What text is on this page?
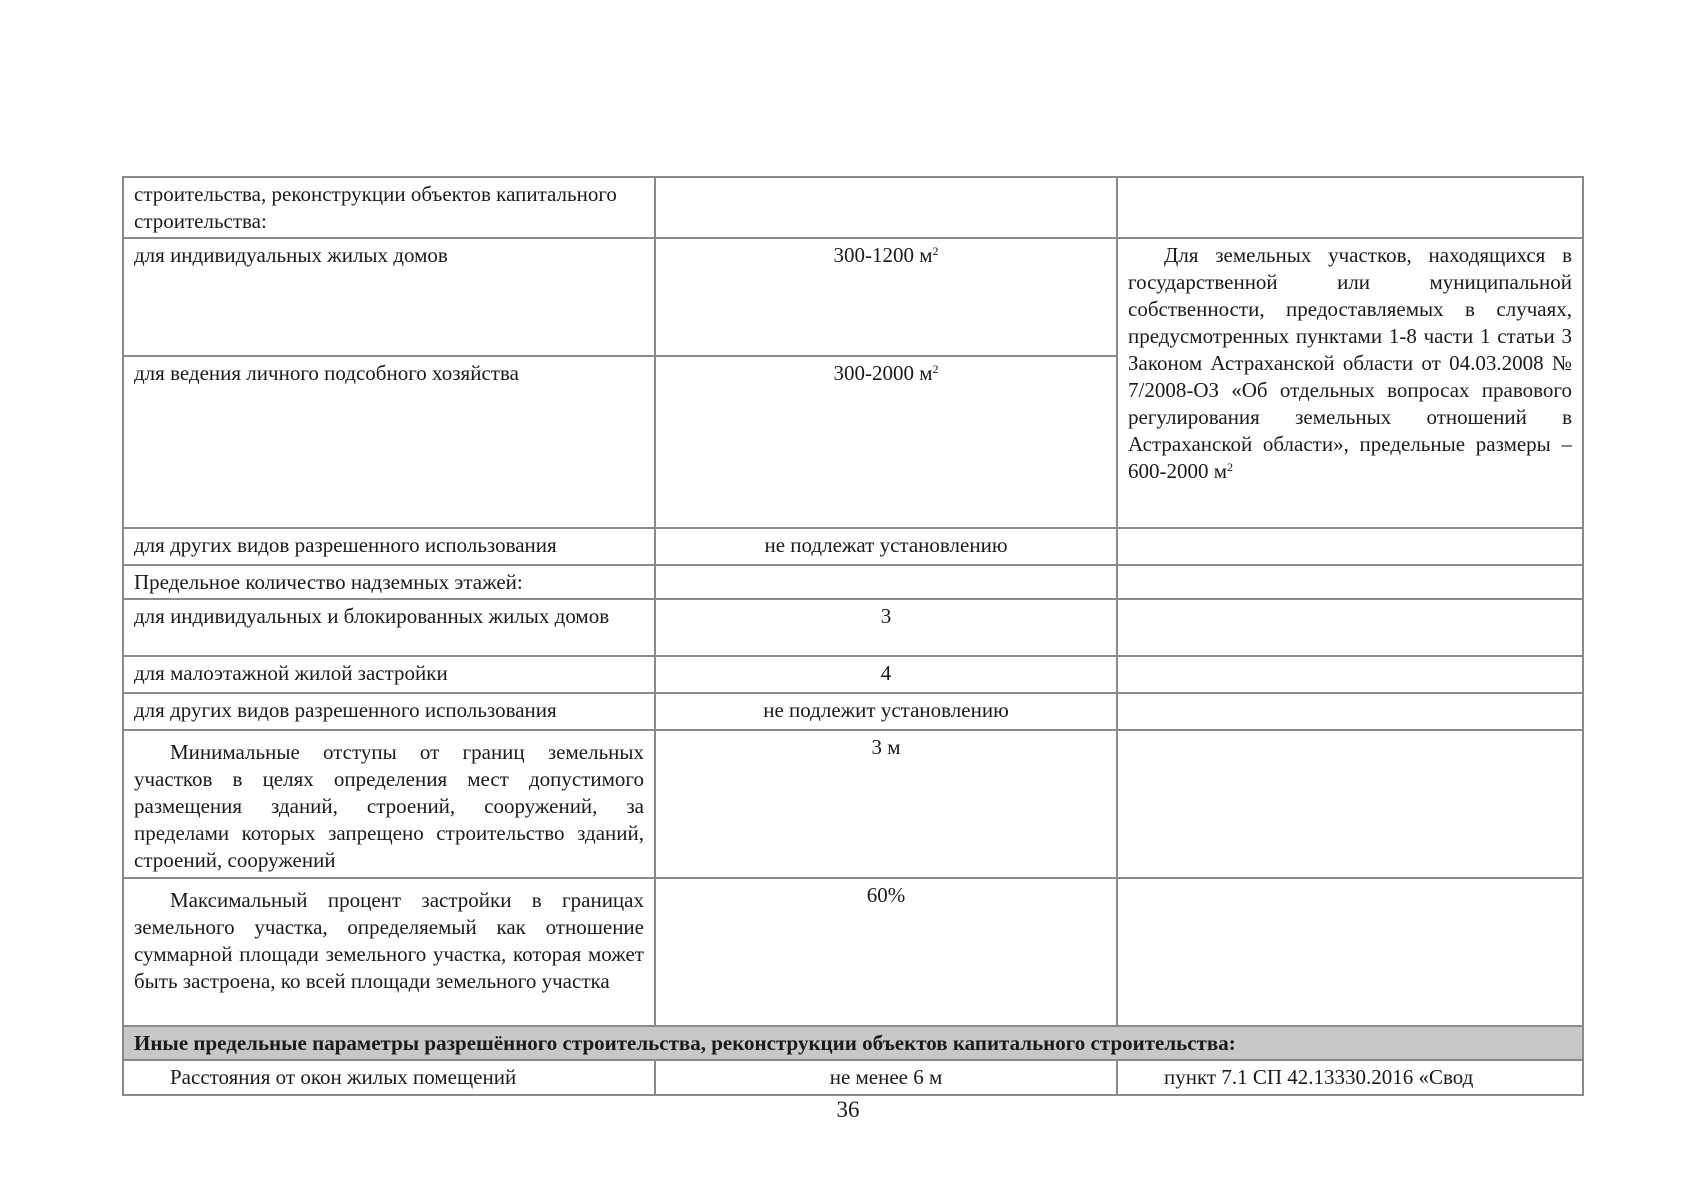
строительства, реконструкции объектов капитального строительства:		
для индивидуальных жилых домов	300-1200 $м^2$	Для земельных участков, находящихся в государственной или муниципальной собственности, предоставляемых в случаях, предусмотренных пунктами 1-8 части 1 статьи 3 Законом Астраханской области от 04.03.2008 № 7/2008-ОЗ «Об отдельных вопросах правового регулирования земельных отношений в Астраханской области», предельные размеры – 600-2000 $м^2$
для ведения личного подсобного хозяйства	300-2000 $м^2$
для других видов разрешенного использования	не подлежат установлению	
Предельное количество надземных этажей:		
для индивидуальных и блокированных жилых домов	3	
для малоэтажной жилой застройки	4	
для других видов разрешенного использования	не подлежит установлению	
Минимальные отступы от границ земельных участков в целях определения мест допустимого размещения зданий, строений, сооружений, за пределами которых запрещено строительство зданий, строений, сооружений	3 м	
Максимальный процент застройки в границах земельного участка, определяемый как отношение суммарной площади земельного участка, которая может быть застроена, ко всей площади земельного участка	60%	
Иные предельные параметры разрешённого строительства, реконструкции объектов капитального строительства:		
Расстояния от окон жилых помещений	не менее 6 м	пункт 7.1 СП 42.13330.2016 «Свод
36
